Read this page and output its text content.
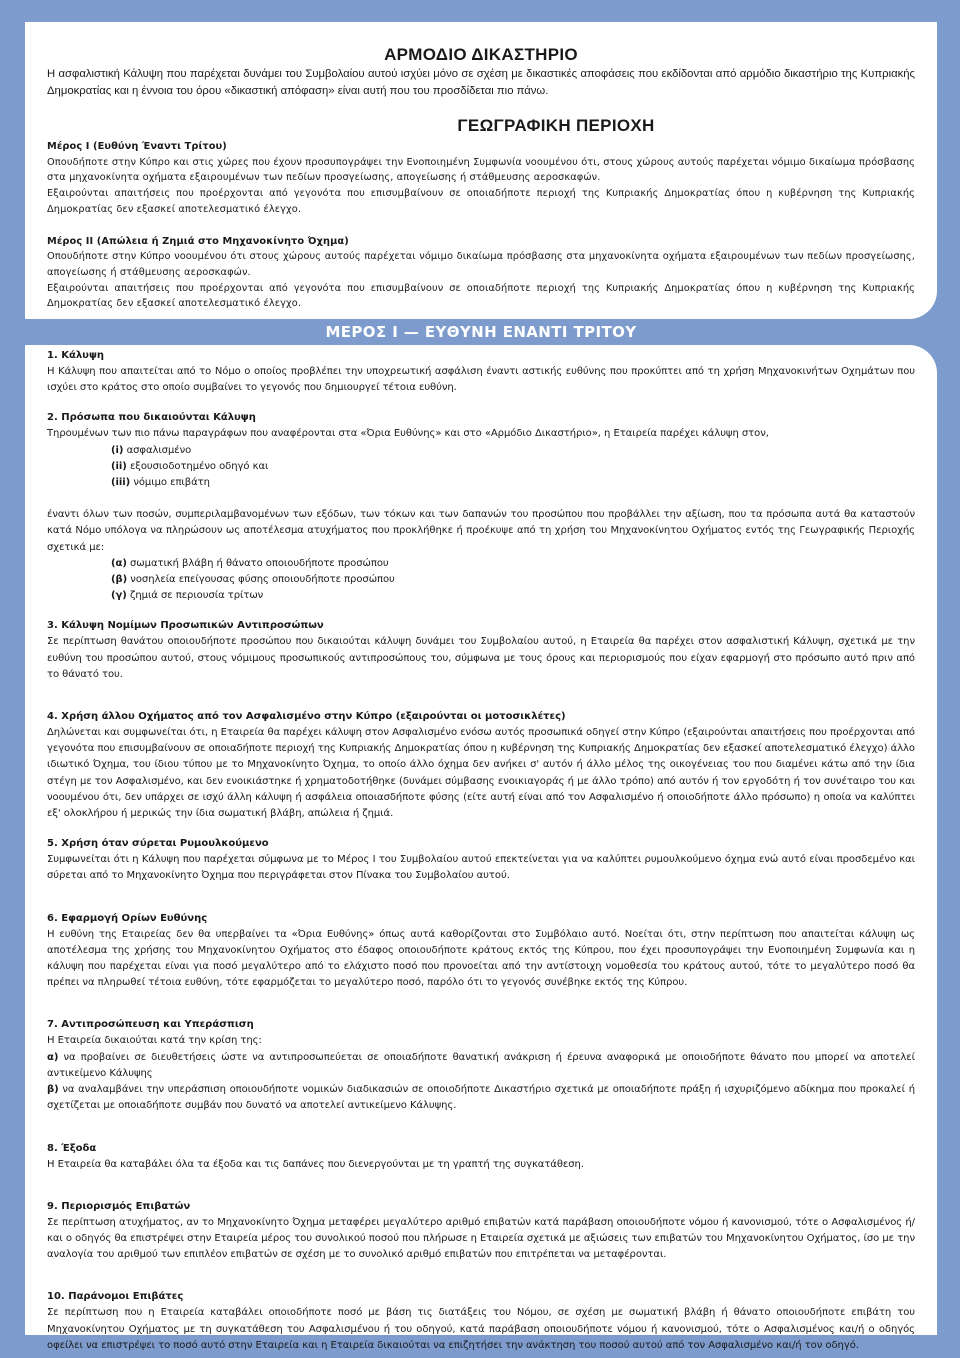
ΑΡΜΟΔΙΟ ΔΙΚΑΣΤΗΡΙΟ

Η ασφαλιστική Κάλυψη που παρέχεται δυνάμει του Συμβολαίου αυτού ισχύει μόνο σε σχέση με δικαστικές αποφάσεις που εκδίδονται από αρμόδιο δικαστήριο της Κυπριακής Δημοκρατίας και η έννοια του όρου «δικαστική απόφαση» είναι αυτή που του προσδίδεται πιο πάνω.

ΓΕΩΓΡΑΦΙΚΗ ΠΕΡΙΟΧΗ

Μέρος Ι (Ευθύνη Έναντι Τρίτου)

Οπουδήποτε στην Κύπρο και στις χώρες που έχουν προσυπογράψει την Ενοποιημένη Συμφωνία νοουμένου ότι, στους χώρους αυτούς παρέχεται νόμιμο δικαίωμα πρόσβασης στα μηχανοκίνητα οχήματα εξαιρουμένων των πεδίων προσγείωσης, απογείωσης ή στάθμευσης αεροσκαφών.

Εξαιρούνται απαιτήσεις που προέρχονται από γεγονότα που επισυμβαίνουν σε οποιαδήποτε περιοχή της Κυπριακής Δημοκρατίας όπου η κυβέρνηση της Κυπριακής Δημοκρατίας δεν εξασκεί αποτελεσματικό έλεγχο.

Μέρος ΙΙ (Απώλεια ή Ζημιά στο Μηχανοκίνητο Όχημα)

Οπουδήποτε στην Κύπρο νοουμένου ότι στους χώρους αυτούς παρέχεται νόμιμο δικαίωμα πρόσβασης στα μηχανοκίνητα οχήματα εξαιρουμένων των πεδίων προσγείωσης, απογείωσης ή στάθμευσης αεροσκαφών.

Εξαιρούνται απαιτήσεις που προέρχονται από γεγονότα που επισυμβαίνουν σε οποιαδήποτε περιοχή της Κυπριακής Δημοκρατίας όπου η κυβέρνηση της Κυπριακής Δημοκρατίας δεν εξασκεί αποτελεσματικό έλεγχο.

ΜΕΡΟΣ Ι — ΕΥΘΥΝΗ ΕΝΑΝΤΙ ΤΡΙΤΟΥ

1. Κάλυψη

Η Κάλυψη που απαιτείται από το Νόμο ο οποίος προβλέπει την υποχρεωτική ασφάλιση έναντι αστικής ευθύνης που προκύπτει από τη χρήση Μηχανοκινήτων Οχημάτων που ισχύει στο κράτος στο οποίο συμβαίνει το γεγονός που δημιουργεί τέτοια ευθύνη.

2. Πρόσωπα που δικαιούνται Κάλυψη

Τηρουμένων των πιο πάνω παραγράφων που αναφέρονται στα «Όρια Ευθύνης» και στο «Αρμόδιο Δικαστήριο», η Εταιρεία παρέχει κάλυψη στον,

(i) ασφαλισμένο
(ii) εξουσιοδοτημένο οδηγό και
(iii) νόμιμο επιβάτη

έναντι όλων των ποσών, συμπεριλαμβανομένων των εξόδων, των τόκων και των δαπανών του προσώπου που προβάλλει την αξίωση, που τα πρόσωπα αυτά θα καταστούν κατά Νόμο υπόλογα να πληρώσουν ως αποτέλεσμα ατυχήματος που προκλήθηκε ή προέκυψε από τη χρήση του Μηχανοκίνητου Οχήματος εντός της Γεωγραφικής Περιοχής σχετικά με:

(α) σωματική βλάβη ή θάνατο οποιουδήποτε προσώπου
(β) νοσηλεία επείγουσας φύσης οποιουδήποτε προσώπου
(γ) ζημιά σε περιουσία τρίτων

3. Κάλυψη Νομίμων Προσωπικών Αντιπροσώπων

Σε περίπτωση θανάτου οποιουδήποτε προσώπου που δικαιούται κάλυψη δυνάμει του Συμβολαίου αυτού, η Εταιρεία θα παρέχει στον ασφαλιστική Κάλυψη, σχετικά με την ευθύνη του προσώπου αυτού, στους νόμιμους προσωπικούς αντιπροσώπους του, σύμφωνα με τους όρους και περιορισμούς που είχαν εφαρμογή στο πρόσωπο αυτό πριν από το θάνατό του.

4. Χρήση άλλου Οχήματος από τον Ασφαλισμένο στην Κύπρο (εξαιρούνται οι μοτοσικλέτες)

Δηλώνεται και συμφωνείται ότι, η Εταιρεία θα παρέχει κάλυψη στον Ασφαλισμένο ενόσω αυτός προσωπικά οδηγεί στην Κύπρο (εξαιρούνται απαιτήσεις που προέρχονται από γεγονότα που επισυμβαίνουν σε οποιαδήποτε περιοχή της Κυπριακής Δημοκρατίας όπου η κυβέρνηση της Κυπριακής Δημοκρατίας δεν εξασκεί αποτελεσματικό έλεγχο) άλλο ιδιωτικό Όχημα, του ίδιου τύπου με το Μηχανοκίνητο Όχημα, το οποίο άλλο όχημα δεν ανήκει σ' αυτόν ή άλλο μέλος της οικογένειας του που διαμένει κάτω από την ίδια στέγη με τον Ασφαλισμένο, και δεν ενοικιάστηκε ή χρηματοδοτήθηκε (δυνάμει σύμβασης ενοικιαγοράς ή με άλλο τρόπο) από αυτόν ή τον εργοδότη ή τον συνέταιρο του και νοουμένου ότι, δεν υπάρχει σε ισχύ άλλη κάλυψη ή ασφάλεια οποιασδήποτε φύσης (είτε αυτή είναι από τον Ασφαλισμένο ή οποιοδήποτε άλλο πρόσωπο) η οποία να καλύπτει εξ' ολοκλήρου ή μερικώς την ίδια σωματική βλάβη, απώλεια ή ζημιά.

5. Χρήση όταν σύρεται Ρυμουλκούμενο

Συμφωνείται ότι η Κάλυψη που παρέχεται σύμφωνα με το Μέρος Ι του Συμβολαίου αυτού επεκτείνεται για να καλύπτει ρυμουλκούμενο όχημα ενώ αυτό είναι προσδεμένο και σύρεται από το Μηχανοκίνητο Όχημα που περιγράφεται στον Πίνακα του Συμβολαίου αυτού.

6. Εφαρμογή Ορίων Ευθύνης

Η ευθύνη της Εταιρείας δεν θα υπερβαίνει τα «Όρια Ευθύνης» όπως αυτά καθορίζονται στο Συμβόλαιο αυτό. Νοείται ότι, στην περίπτωση που απαιτείται κάλυψη ως αποτέλεσμα της χρήσης του Μηχανοκίνητου Οχήματος στο έδαφος οποιουδήποτε κράτους εκτός της Κύπρου, που έχει προσυπογράψει την Ενοποιημένη Συμφωνία και η κάλυψη που παρέχεται είναι για ποσό μεγαλύτερο από το ελάχιστο ποσό που προνοείται από την αντίστοιχη νομοθεσία του κράτους αυτού, τότε το μεγαλύτερο ποσό θα πρέπει να πληρωθεί τέτοια ευθύνη, τότε εφαρμόζεται το μεγαλύτερο ποσό, παρόλο ότι το γεγονός συνέβηκε εκτός της Κύπρου.

7. Αντιπροσώπευση και Υπεράσπιση

Η Εταιρεία δικαιούται κατά την κρίση της:

α) να προβαίνει σε διευθετήσεις ώστε να αντιπροσωπεύεται σε οποιαδήποτε θανατική ανάκριση ή έρευνα αναφορικά με οποιοδήποτε θάνατο που μπορεί να αποτελεί αντικείμενο Κάλυψης

β) να αναλαμβάνει την υπεράσπιση οποιουδήποτε νομικών διαδικασιών σε οποιοδήποτε Δικαστήριο σχετικά με οποιαδήποτε πράξη ή ισχυριζόμενο αδίκημα που προκαλεί ή σχετίζεται με οποιαδήποτε συμβάν που δυνατό να αποτελεί αντικείμενο Κάλυψης.

8. Έξοδα

Η Εταιρεία θα καταβάλει όλα τα έξοδα και τις δαπάνες που διενεργούνται με τη γραπτή της συγκατάθεση.

9. Περιορισμός Επιβατών

Σε περίπτωση ατυχήματος, αν το Μηχανοκίνητο Όχημα μεταφέρει μεγαλύτερο αριθμό επιβατών κατά παράβαση οποιουδήποτε νόμου ή κανονισμού, τότε ο Ασφαλισμένος ή/και ο οδηγός θα επιστρέψει στην Εταιρεία μέρος του συνολικού ποσού που πλήρωσε η Εταιρεία σχετικά με αξιώσεις των επιβατών του Μηχανοκίνητου Οχήματος, ίσο με την αναλογία του αριθμού των επιπλέον επιβατών σε σχέση με το συνολικό αριθμό επιβατών που επιτρέπεται να μεταφέρονται.

10. Παράνομοι Επιβάτες

Σε περίπτωση που η Εταιρεία καταβάλει οποιοδήποτε ποσό με βάση τις διατάξεις του Νόμου, σε σχέση με σωματική βλάβη ή θάνατο οποιουδήποτε επιβάτη του Μηχανοκίνητου Οχήματος με τη συγκατάθεση του Ασφαλισμένου ή του οδηγού, κατά παράβαση οποιουδήποτε νόμου ή κανονισμού, τότε ο Ασφαλισμένος και/ή ο οδηγός οφείλει να επιστρέψει το ποσό αυτό στην Εταιρεία και η Εταιρεία δικαιούται να επιζητήσει την ανάκτηση του ποσού αυτού από τον Ασφαλισμένο και/ή τον οδηγό.
